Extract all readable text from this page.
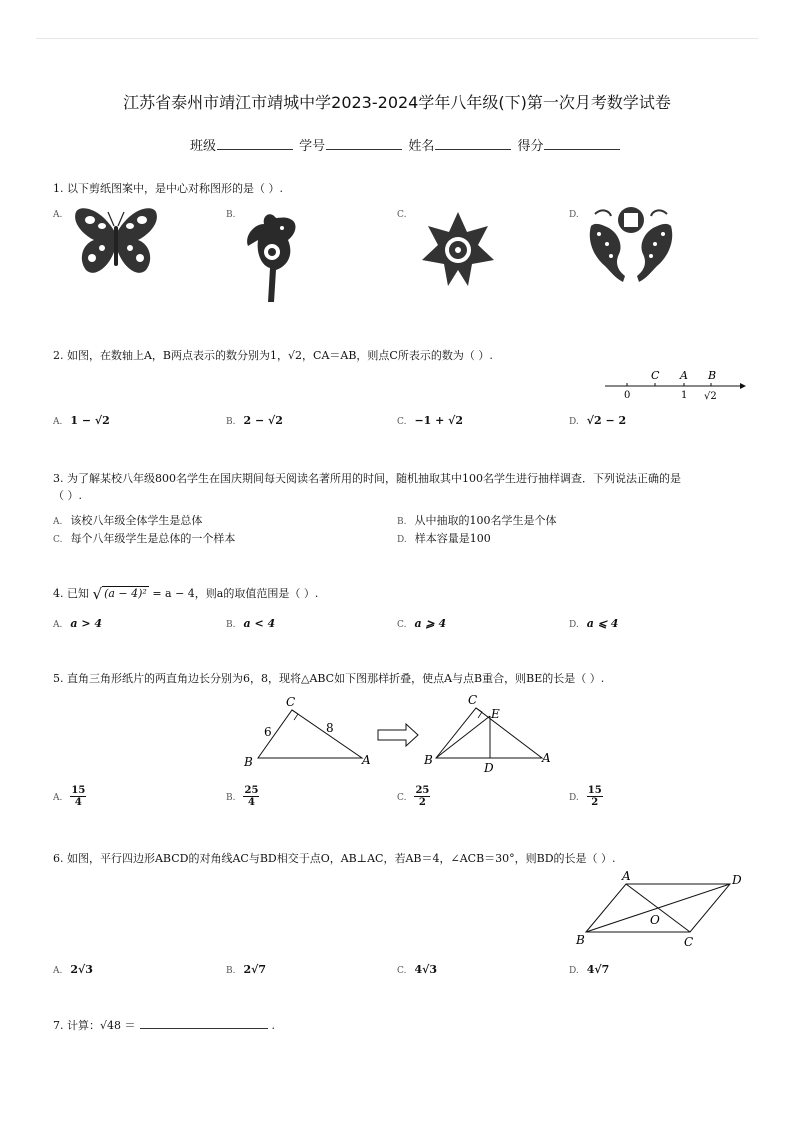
江苏省泰州市靖江市靖城中学2023-2024学年八年级(下)第一次月考数学试卷
班级	学号	姓名	得分
1. 以下剪纸图案中，是中心对称图形的是（ ）.
A.	B.	C.	D.
2. 如图，在数轴上A，B两点表示的数分别为1，√2，CA＝AB，则点C所表示的数为（ ）.
C A B
0	1 √2
A. 1 − √2	B. 2 − √2	C. −1 + √2	D. √2 − 2
3. 为了解某校八年级800名学生在国庆期间每天阅读名著所用的时间，随机抽取其中100名学生进行抽样调查．下列说法正确的是
（ ）.
A. 该校八年级全体学生是总体	B. 从中抽取的100名学生是个体
C. 每个八年级学生是总体的一个样本	D. 样本容量是100
4. 已知 √ (a − 4)² = a − 4，则a的取值范围是（ ）.
A. a > 4	B. a < 4	C. a ⩾ 4	D. a ⩽ 4
5. 直角三角形纸片的两直角边长分别为6，8，现将△ABC如下图那样折叠，使点A与点B重合，则BE的长是（ ）.
C
B	A
6	8
C
E
B	A
D
A. $\frac{15}{4}$	B. $\frac{25}{4}$	C. $\frac{25}{2}$	D. $\frac{15}{2}$
6. 如图，平行四边形ABCD的对角线AC与BD相交于点O，AB⊥AC，若AB＝4，∠ACB＝30°，则BD的长是（ ）.
A	D
B	C
O
A. 2√3	B. 2√7	C. 4√3	D. 4√7
7. 计算：√48 ＝	.
